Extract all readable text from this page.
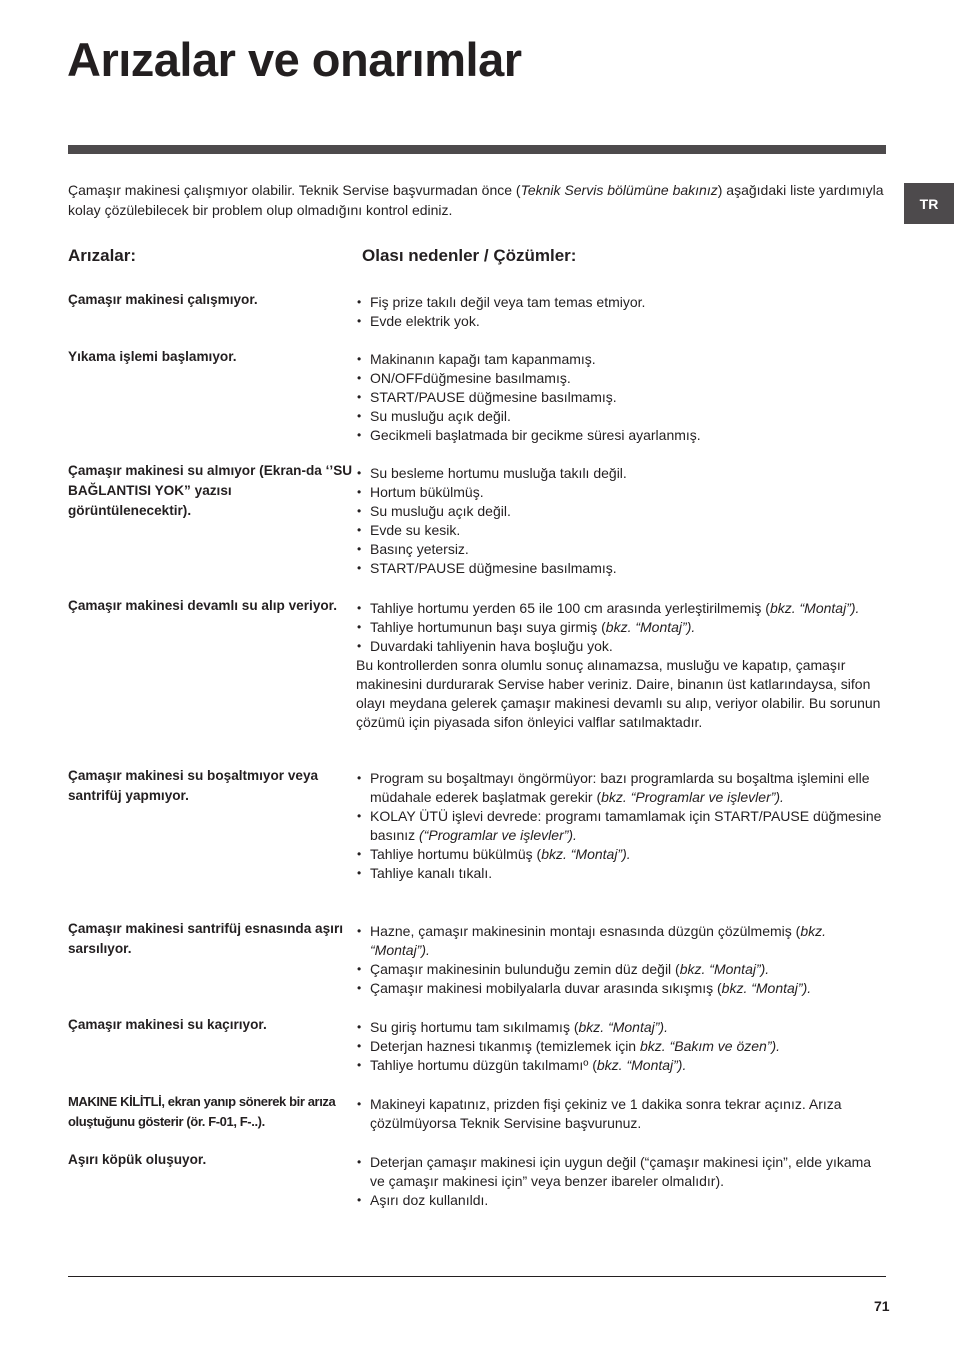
Arızalar ve onarımlar

Çamaşır makinesi çalışmıyor olabilir. Teknik Servise başvurmadan önce (Teknik Servis bölümüne bakınız) aşağıdaki liste yardımıyla kolay çözülebilecek bir problem olup olmadığını kontrol ediniz.	TR
Arızalar:	Olası nedenler / Çözümler:
Çamaşır makinesi çalışmıyor.	• Fiş prize takılı değil veya tam temas etmiyor.
• Evde elektrik yok.
Yıkama işlemi başlamıyor.	• Makinanın kapağı tam kapanmamış.
• ON/OFFdüğmesine basılmamış.
• START/PAUSE düğmesine basılmamış.
• Su musluğu açık değil.
• Gecikmeli başlatmada bir gecikme süresi ayarlanmış.
Çamaşır makinesi su almıyor (Ekran-da ‘’SU BAĞLANTISI YOK” yazısı görüntülenecektir).
• Su besleme hortumu musluğa takılı değil.
• Hortum bükülmüş.
• Su musluğu açık değil.
• Evde su kesik.
• Basınç yetersiz.
• START/PAUSE düğmesine basılmamış.
Çamaşır makinesi devamlı su alıp veriyor.	• Tahliye hortumu yerden 65 ile 100 cm arasında yerleştirilmemiş (bkz. “Montaj”).
• Tahliye hortumunun başı suya girmiş (bkz. “Montaj”).
• Duvardaki tahliyenin hava boşluğu yok.
Bu kontrollerden sonra olumlu sonuç alınamazsa, musluğu ve kapatıp, çamaşır makinesini durdurarak Servise haber veriniz. Daire, binanın üst katlarındaysa, sifon olayı meydana gelerek çamaşır makinesi devamlı su alıp, veriyor olabilir. Bu sorunun çözümü için piyasada sifon önleyici valflar satılmaktadır.
Çamaşır makinesi su boşaltmıyor veya santrifüj yapmıyor.
• Program su boşaltmayı öngörmüyor: bazı programlarda su boşaltma işlemini elle müdahale ederek başlatmak gerekir (bkz. “Programlar ve işlevler”).
• KOLAY ÜTÜ işlevi devrede: programı tamamlamak için START/PAUSE düğmesine basınız (“Programlar ve işlevler”).
• Tahliye hortumu bükülmüş (bkz. “Montaj”).
• Tahliye kanalı tıkalı.
Çamaşır makinesi santrifüj esnasında aşırı sarsılıyor.
• Hazne, çamaşır makinesinin montajı esnasında düzgün çözülmemiş (bkz. “Montaj”).
• Çamaşır makinesinin bulunduğu zemin düz değil (bkz. “Montaj”).
• Çamaşır makinesi mobilyalarla duvar arasında sıkışmış (bkz. “Montaj”).
Çamaşır makinesi su kaçırıyor.	• Su giriş hortumu tam sıkılmamış (bkz. “Montaj”).
• Deterjan haznesi tıkanmış (temizlemek için bkz. “Bakım ve özen”).
• Tahliye hortumu düzgün takılmamıº (bkz. “Montaj”).
MAKINE KİLİTLİ, ekran yanıp sönerek bir arıza oluştuğunu gösterir (ör. F-01, F-..).
• Makineyi kapatınız, prizden fişi çekiniz ve 1 dakika sonra tekrar açınız. Arıza çözülmüyorsa Teknik Servisine başvurunuz.
Aşırı köpük oluşuyor.	• Deterjan çamaşır makinesi için uygun değil (“çamaşır makinesi için”, elde yıkama ve çamaşır makinesi için” veya benzer ibareler olmalıdır).
• Aşırı doz kullanıldı.
71
